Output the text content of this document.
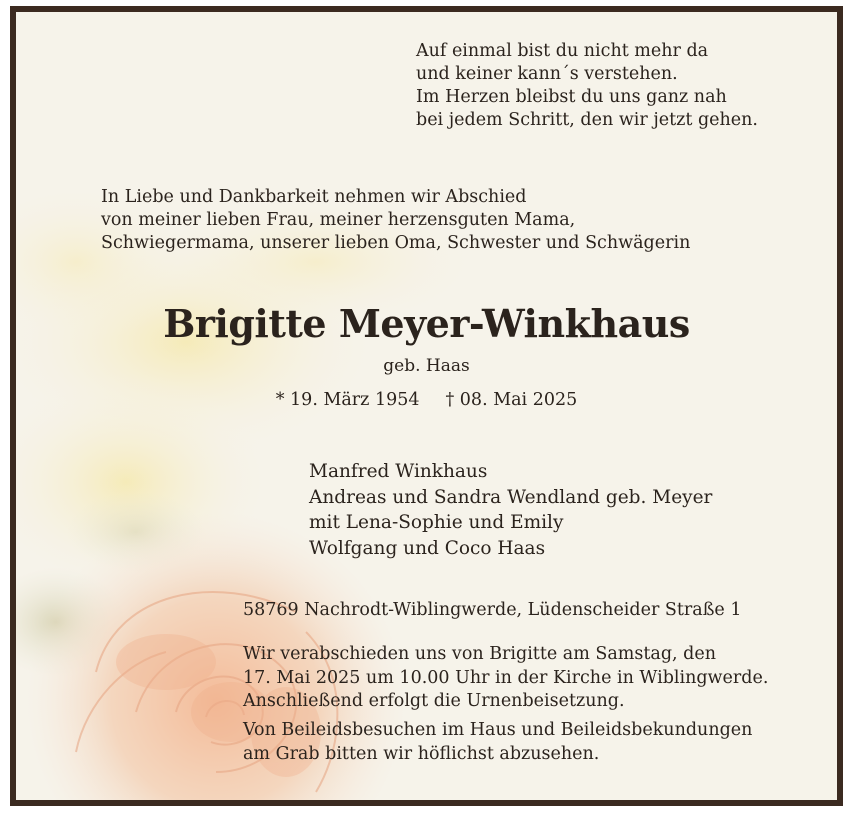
Auf einmal bist du nicht mehr da
und keiner kann´s verstehen.
Im Herzen bleibst du uns ganz nah
bei jedem Schritt, den wir jetzt gehen.
In Liebe und Dankbarkeit nehmen wir Abschied
von meiner lieben Frau, meiner herzensguten Mama,
Schwiegermama, unserer lieben Oma, Schwester und Schwägerin
Brigitte Meyer-Winkhaus
geb. Haas
* 19. März 1954 † 08. Mai 2025
Manfred Winkhaus
Andreas und Sandra Wendland geb. Meyer
mit Lena-Sophie und Emily
Wolfgang und Coco Haas
58769 Nachrodt-Wiblingwerde, Lüdenscheider Straße 1
Wir verabschieden uns von Brigitte am Samstag, den
17. Mai 2025 um 10.00 Uhr in der Kirche in Wiblingwerde.
Anschließend erfolgt die Urnenbeisetzung.
Von Beileidsbesuchen im Haus und Beileidsbekundungen
am Grab bitten wir höflichst abzusehen.
